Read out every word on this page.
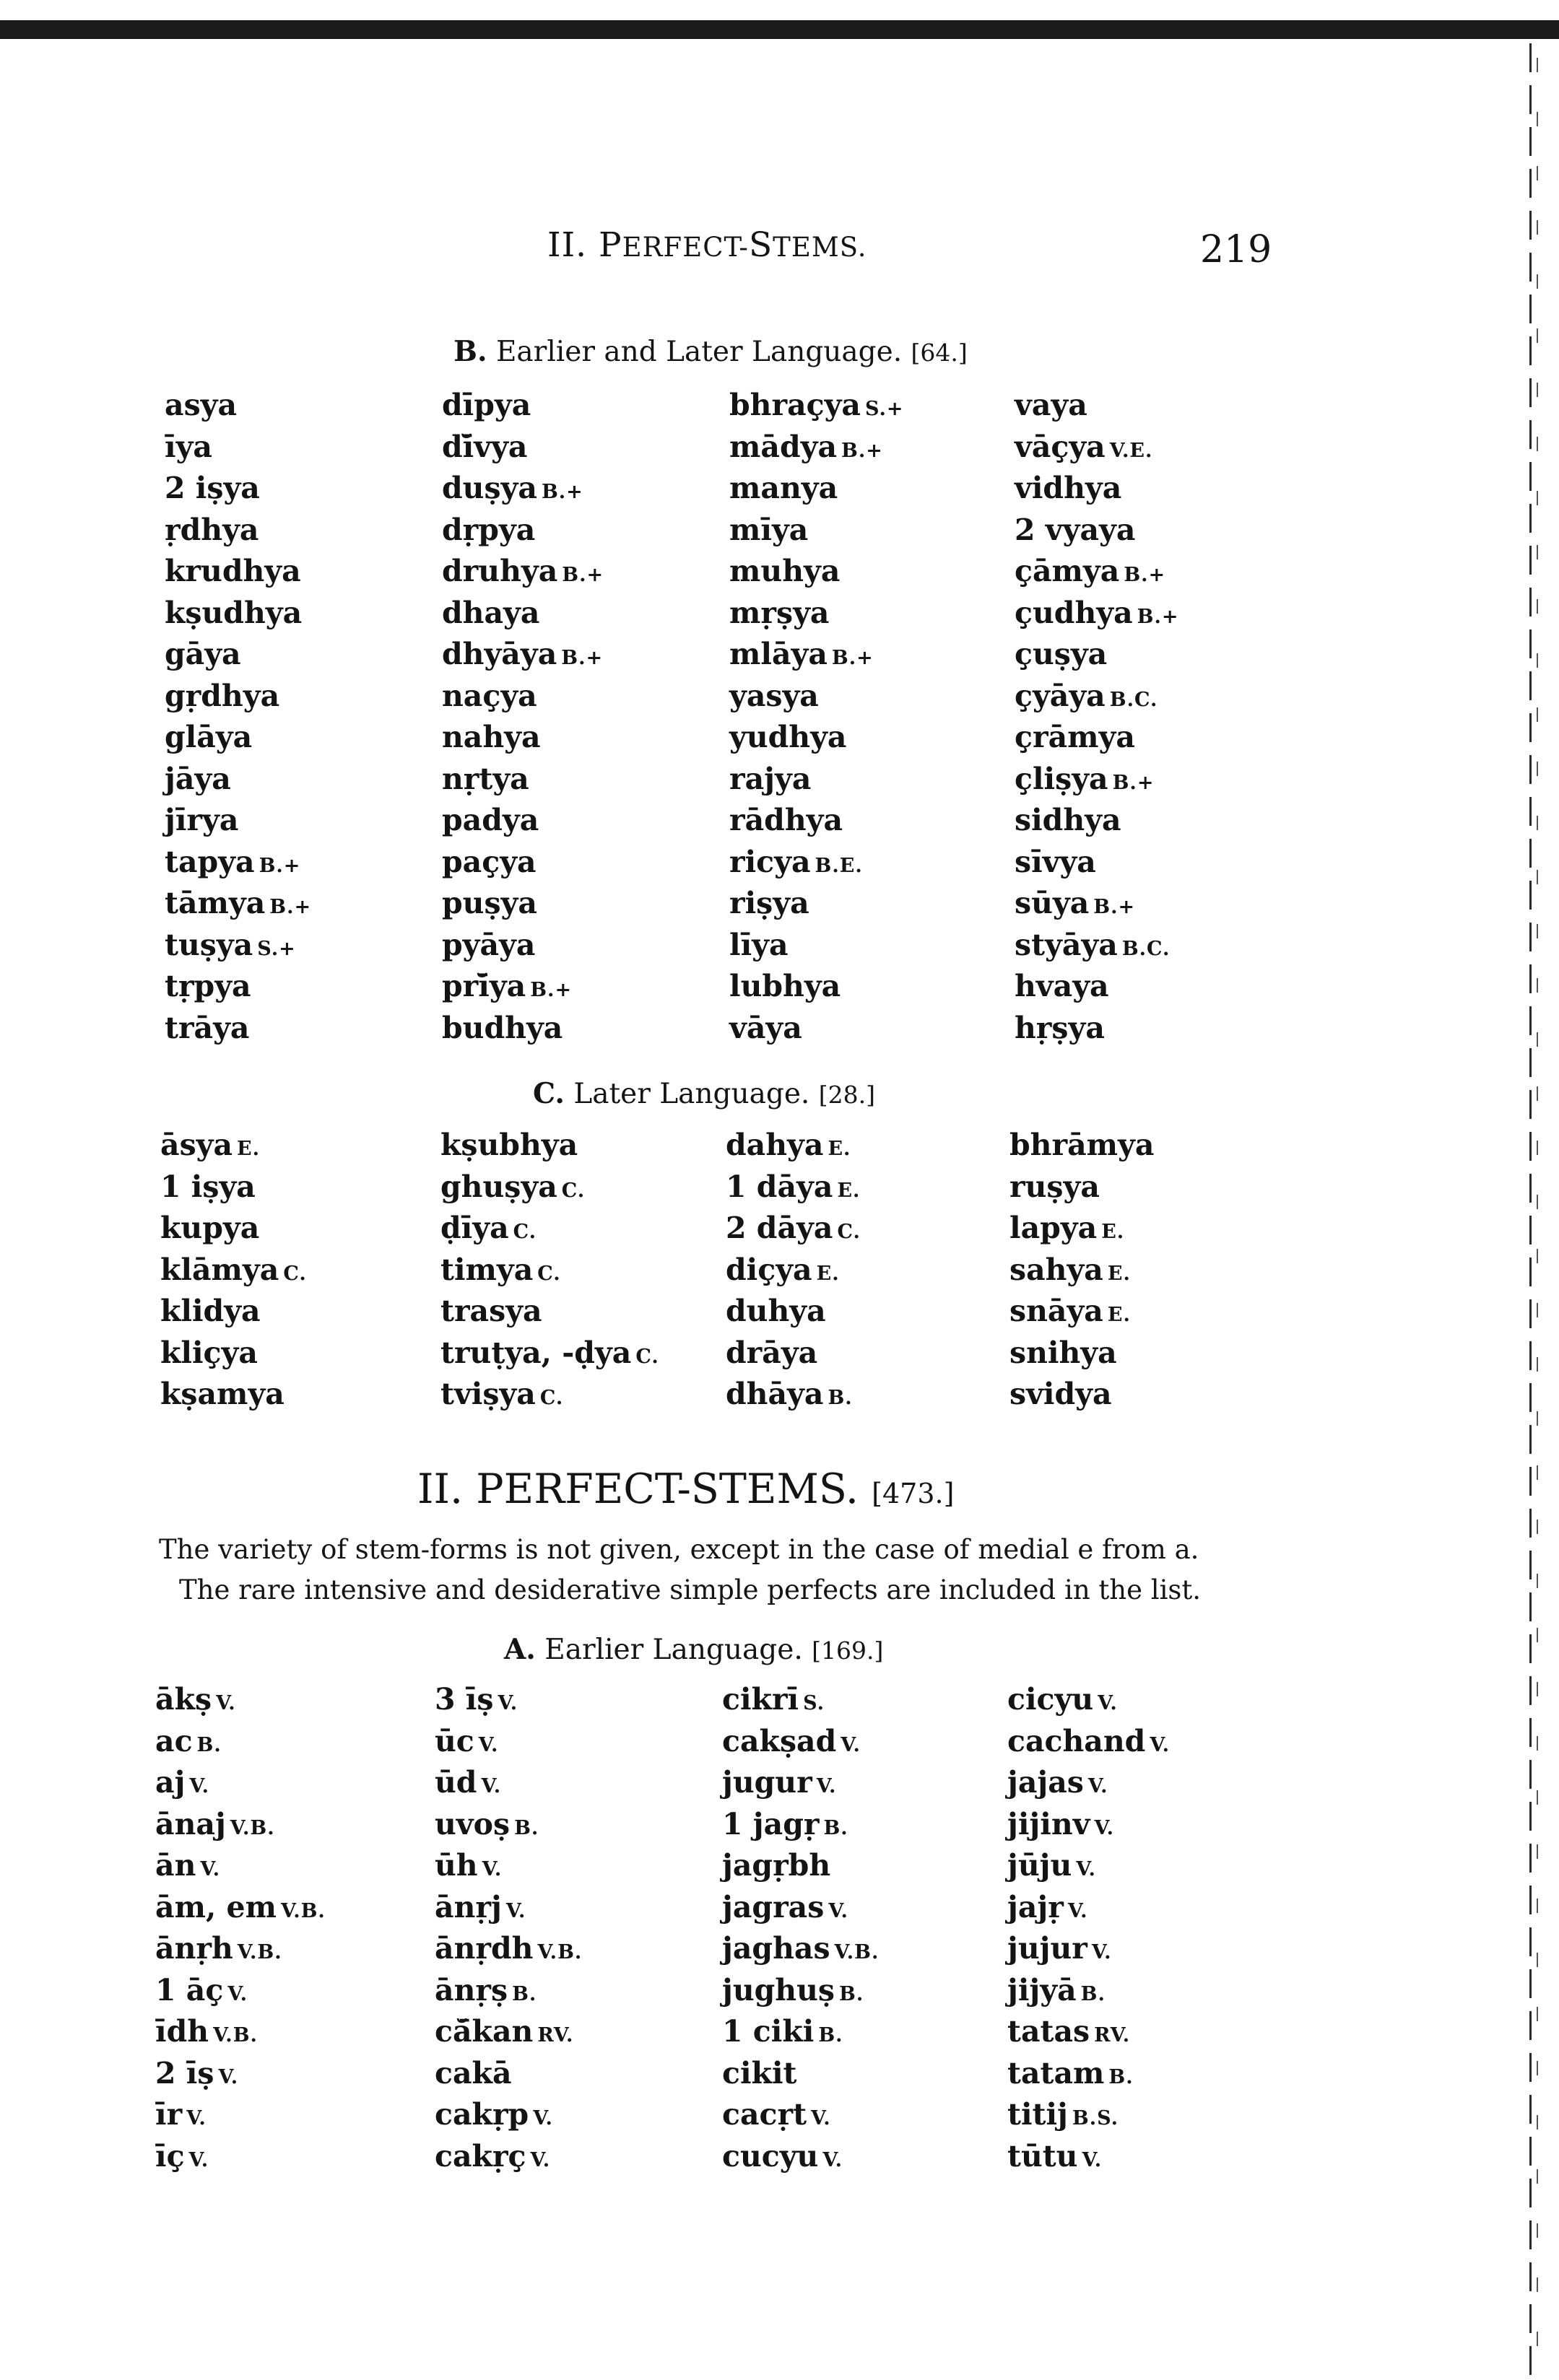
II. PERFECT-STEMS.	219
B. Earlier and Later Language. [64.]
asya
īya
2 iṣya
ṛdhya
krudhya
kṣudhya
gāya
gṛdhya
glāya
jāya
jīrya
tapya B.+
tāmya B.+
tuṣya S.+
tṛpya
trāya
dīpya
dī̆vya
duṣya B.+
dṛpya
druhya B.+
dhaya
dhyāya B.+
naçya
nahya
nṛtya
padya
paçya
puṣya
pyāya
prī̆ya B.+
budhya
bhraçya S.+
mādya B.+
manya
mīya
muhya
mṛṣya
mlāya B.+
yasya
yudhya
rajya
rādhya
ricya B.E.
riṣya
līya
lubhya
vāya
vaya
vāçya V.E.
vidhya
2 vyaya
çāmya B.+
çudhya B.+
çuṣya
çyāya B.C.
çrāmya
çliṣya B.+
sidhya
sīvya
sūya B.+
styāya B.C.
hvaya
hṛṣya
C. Later Language. [28.]
āsya E.
1 iṣya
kupya
klāmya C.
klidya
kliçya
kṣamya
kṣubhya
ghuṣya C.
ḍīya C.
timya C.
trasya
truṭya, -ḍya C.
tviṣya C.
dahya E.
1 dāya E.
2 dāya C.
diçya E.
duhya
drāya
dhāya B.
bhrāmya
ruṣya
lapya E.
sahya E.
snāya E.
snihya
svidya
II. PERFECT-STEMS. [473.]
The variety of stem-forms is not given, except in the case of medial e from a.
The rare intensive and desiderative simple perfects are included in the list.
A. Earlier Language. [169.]
ākṣ V.
ac B.
aj V.
ānaj V.B.
ān V.
ām, em V.B.
ānṛh V.B.
1 āç V.
īdh V.B.
2 īṣ V.
īr V.
īç V.
3 īṣ V.
ūc V.
ūd V.
uvoṣ B.
ūh V.
ānṛj V.
ānṛdh V.B.
ānṛṣ B.
că̄kan RV.
cakā
cakṛp V.
cakṛç V.
cikrī S.
cakṣad V.
jugur V.
1 jagṛ B.
jagṛbh
jagras V.
jaghas V.B.
jughuṣ B.
1 ciki B.
cikit
cacṛt V.
cucyu V.
cicyu V.
cachand V.
jajas V.
jijinv V.
jūju V.
jajṛ V.
jujur V.
jijyā B.
tatas RV.
tatam B.
titij B.S.
tūtu V.
